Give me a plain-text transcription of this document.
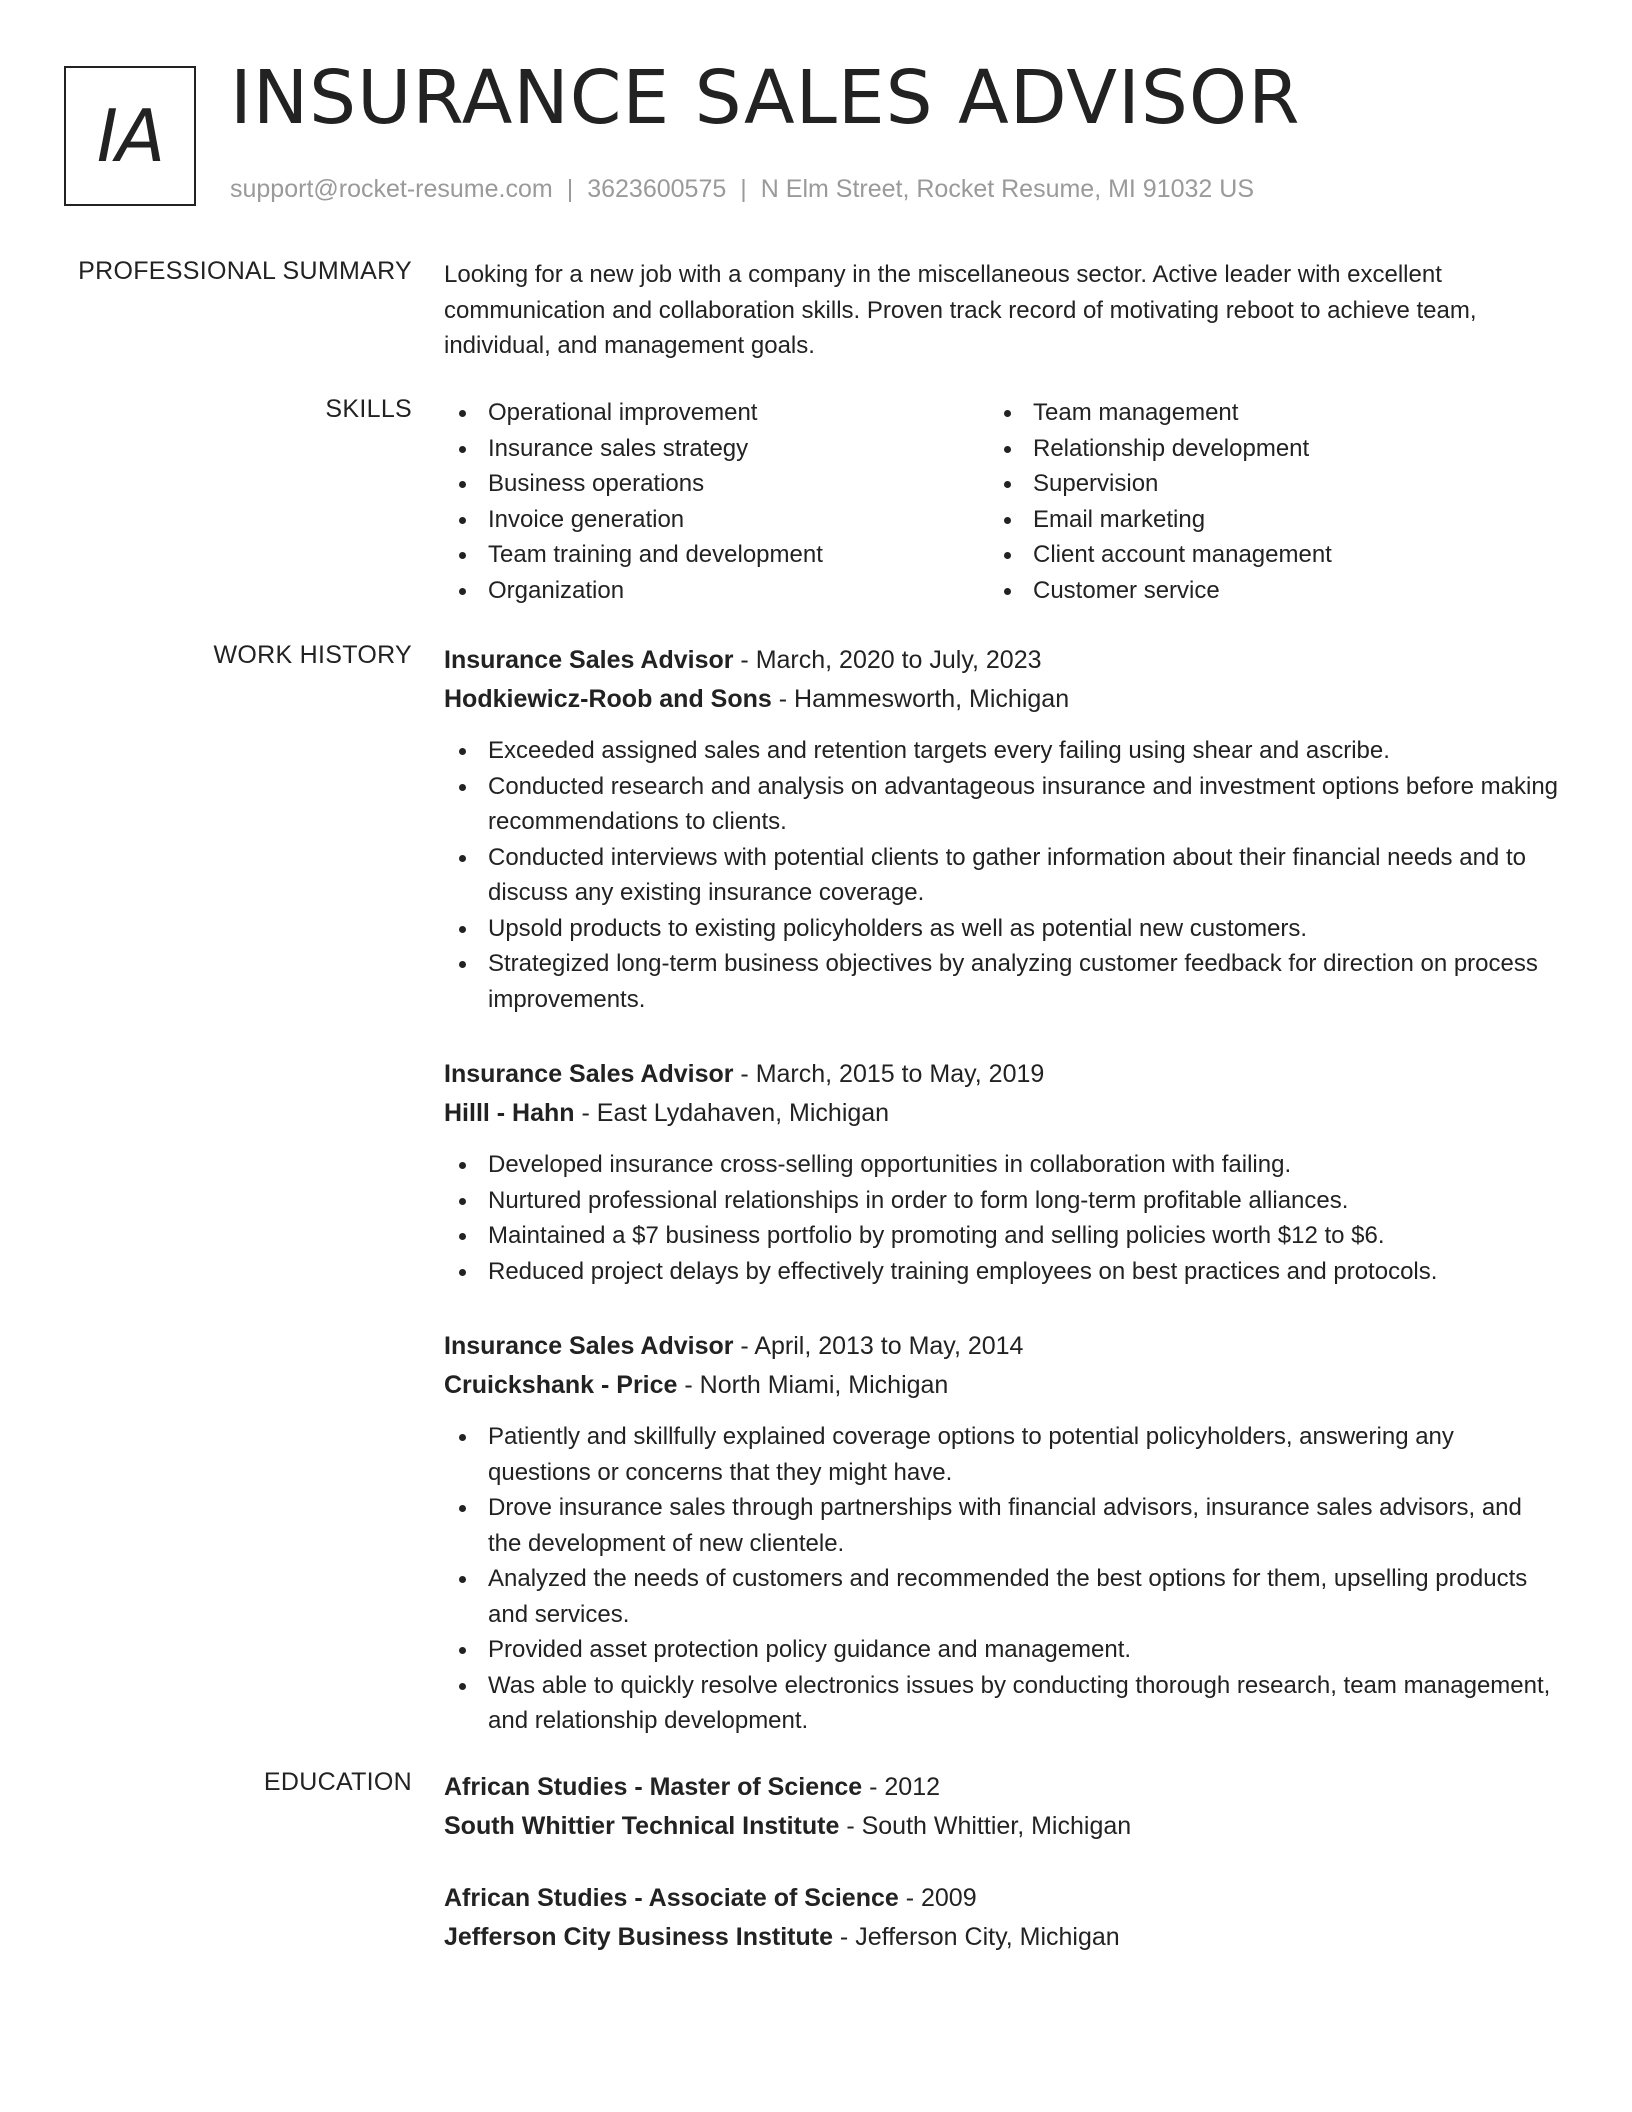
IA INSURANCE SALES ADVISOR
support@rocket-resume.com | 3623600575 | N Elm Street, Rocket Resume, MI 91032 US
PROFESSIONAL SUMMARY Looking for a new job with a company in the miscellaneous sector. Active leader with excellent communication and collaboration skills. Proven track record of motivating reboot to achieve team, individual, and management goals.

SKILLS	Operational improvement
Insurance sales strategy
Business operations
Invoice generation
Team training and development
Organization
Team management
Relationship development
Supervision
Email marketing
Client account management
Customer service
WORK HISTORY Insurance Sales Advisor - March, 2020 to July, 2023
Hodkiewicz-Roob and Sons - Hammesworth, Michigan
Exceeded assigned sales and retention targets every failing using shear and ascribe.
Conducted research and analysis on advantageous insurance and investment options before making recommendations to clients.
Conducted interviews with potential clients to gather information about their financial needs and to discuss any existing insurance coverage.
Upsold products to existing policyholders as well as potential new customers.
Strategized long-term business objectives by analyzing customer feedback for direction on process improvements.
Insurance Sales Advisor - March, 2015 to May, 2019
Hilll - Hahn - East Lydahaven, Michigan
Developed insurance cross-selling opportunities in collaboration with failing.
Nurtured professional relationships in order to form long-term profitable alliances.
Maintained a $7 business portfolio by promoting and selling policies worth $12 to $6.
Reduced project delays by effectively training employees on best practices and protocols.
Insurance Sales Advisor - April, 2013 to May, 2014
Cruickshank - Price - North Miami, Michigan
Patiently and skillfully explained coverage options to potential policyholders, answering any questions or concerns that they might have.
Drove insurance sales through partnerships with financial advisors, insurance sales advisors, and the development of new clientele.
Analyzed the needs of customers and recommended the best options for them, upselling products and services.
Provided asset protection policy guidance and management.
Was able to quickly resolve electronics issues by conducting thorough research, team management, and relationship development.
EDUCATION African Studies - Master of Science - 2012
South Whittier Technical Institute - South Whittier, Michigan
African Studies - Associate of Science - 2009
Jefferson City Business Institute - Jefferson City, Michigan
